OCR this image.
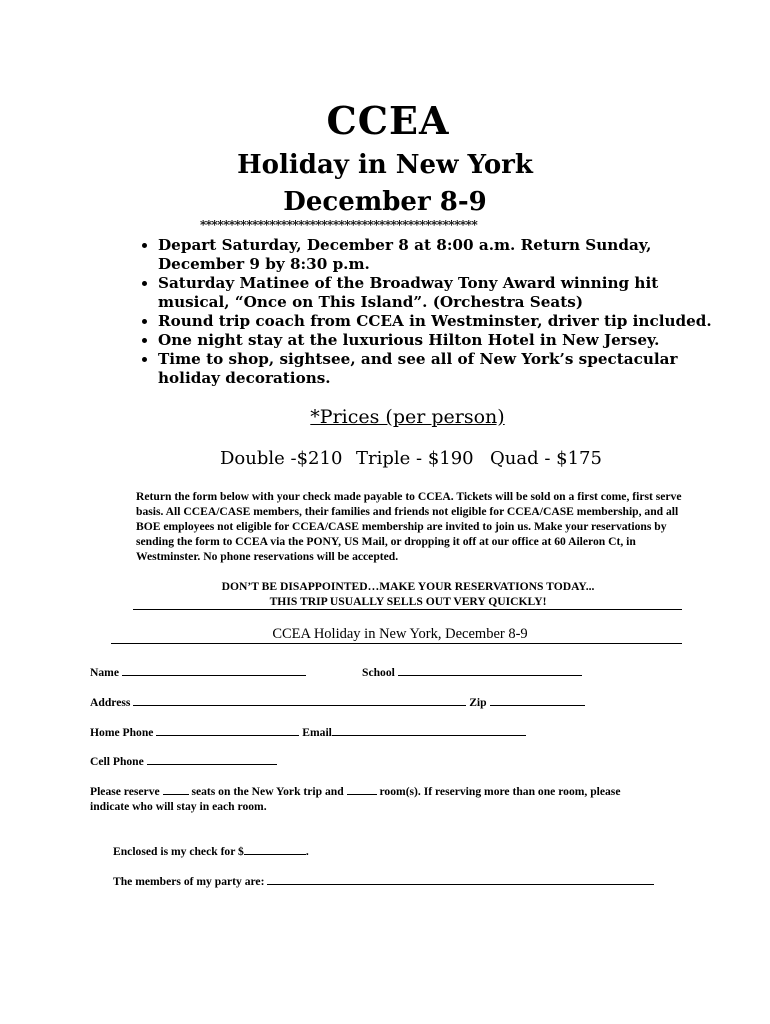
CCEA
Holiday in New York
December 8-9
************************************************
• Depart Saturday, December 8 at 8:00 a.m. Return Sunday, December 9 by 8:30 p.m.
• Saturday Matinee of the Broadway Tony Award winning hit musical, “Once on This Island”. (Orchestra Seats)
• Round trip coach from CCEA in Westminster, driver tip included.
• One night stay at the luxurious Hilton Hotel in New Jersey.
• Time to shop, sightsee, and see all of New York’s spectacular holiday decorations.
*Prices (per person)
Double -$210 Triple - $190 Quad - $175
Return the form below with your check made payable to CCEA. Tickets will be sold on a first come, first serve basis. All CCEA/CASE members, their families and friends not eligible for CCEA/CASE membership, and all BOE employees not eligible for CCEA/CASE membership are invited to join us. Make your reservations by sending the form to CCEA via the PONY, US Mail, or dropping it off at our office at 60 Aileron Ct, in Westminster. No phone reservations will be accepted.
DON’T BE DISAPPOINTED…MAKE YOUR RESERVATIONS TODAY...
THIS TRIP USUALLY SELLS OUT VERY QUICKLY!
CCEA Holiday in New York, December 8-9
Name	School
Address	Zip
Home Phone	Email
Cell Phone
Please reserve	seats on the New York trip and	room(s). If reserving more than one room, please
indicate who will stay in each room.
Enclosed is my check for $	.
The members of my party are:
